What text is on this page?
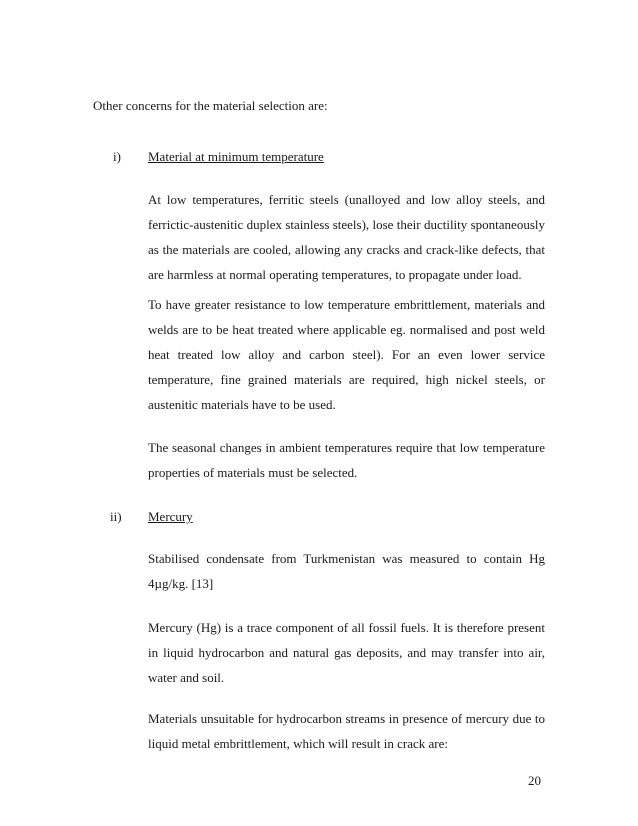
Other concerns for the material selection are:
i) Material at minimum temperature

At low temperatures, ferritic steels (unalloyed and low alloy steels, and ferrictic-austenitic duplex stainless steels), lose their ductility spontaneously as the materials are cooled, allowing any cracks and crack-like defects, that are harmless at normal operating temperatures, to propagate under load.

To have greater resistance to low temperature embrittlement, materials and welds are to be heat treated where applicable eg. normalised and post weld heat treated low alloy and carbon steel). For an even lower service temperature, fine grained materials are required, high nickel steels, or austenitic materials have to be used.

The seasonal changes in ambient temperatures require that low temperature properties of materials must be selected.

ii) Mercury

Stabilised condensate from Turkmenistan was measured to contain Hg 4µg/kg. [13]

Mercury (Hg) is a trace component of all fossil fuels. It is therefore present in liquid hydrocarbon and natural gas deposits, and may transfer into air, water and soil.

Materials unsuitable for hydrocarbon streams in presence of mercury due to liquid metal embrittlement, which will result in crack are:

20
